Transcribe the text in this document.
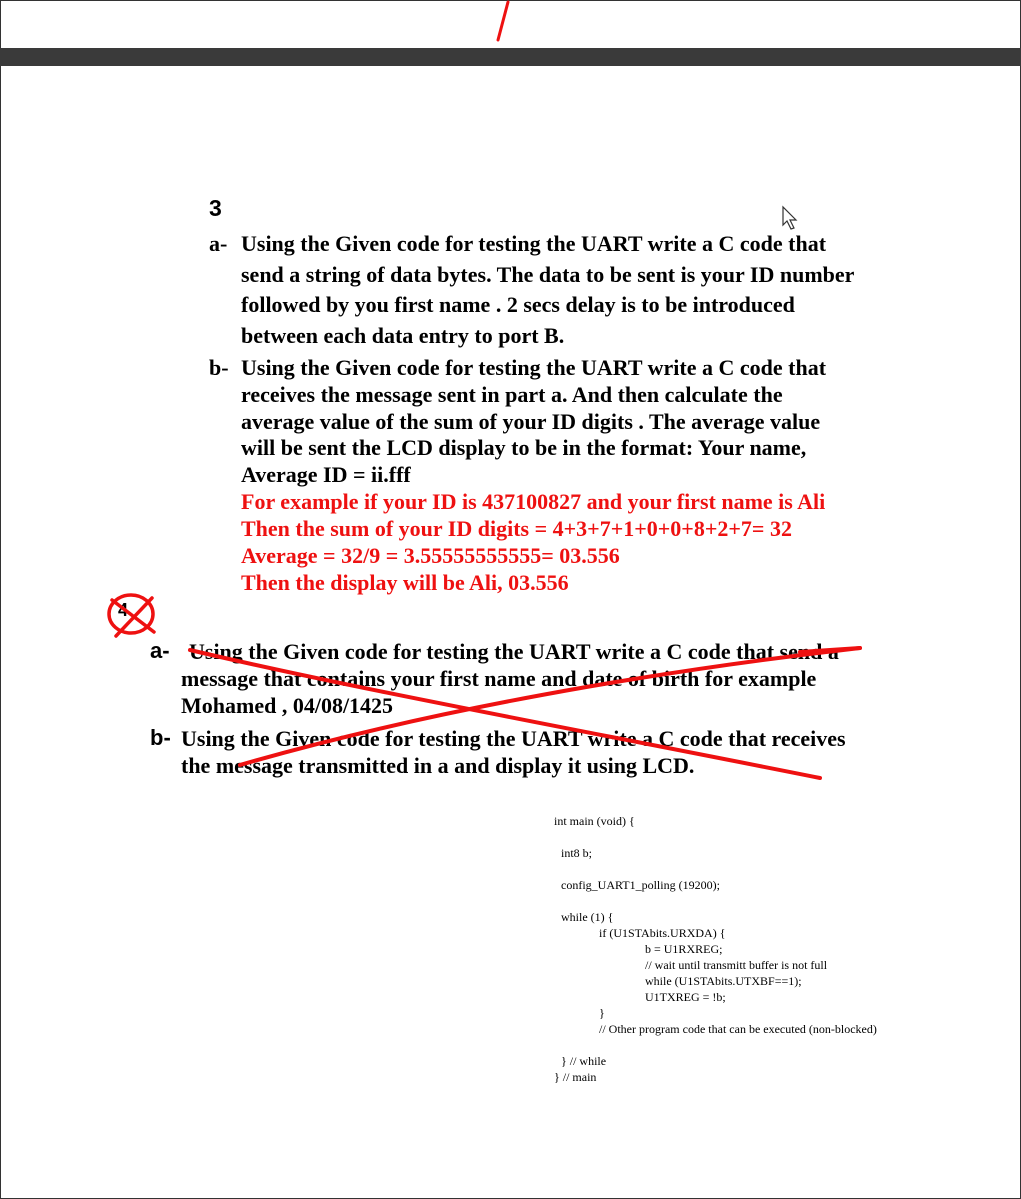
3
a- Using the Given code for testing the UART write a C code that
send a string of data bytes. The data to be sent is your ID number
followed by you first name . 2 secs delay is to be introduced
between each data entry to port B.
b- Using the Given code for testing the UART write a C code that
receives the message sent in part a. And then calculate the
average value of the sum of your ID digits . The average value
will be sent the LCD display to be in the format: Your name,
Average ID = ii.fff
For example if your ID is 437100827 and your first name is Ali
Then the sum of your ID digits = 4+3+7+1+0+0+8+2+7= 32
Average = 32/9 = 3.55555555555= 03.556
Then the display will be Ali, 03.556
4
a- Using the Given code for testing the UART write a C code that send a
message that contains your first name and date of birth for example
Mohamed , 04/08/1425
b- Using the Given code for testing the UART write a C code that receives
the message transmitted in a and display it using LCD.
int main (void) {
int8 b;
config_UART1_polling (19200);
while (1) {
if (U1STAbits.URXDA) {
b = U1RXREG;
// wait until transmitt buffer is not full
while (U1STAbits.UTXBF==1);
U1TXREG = !b;
}
// Other program code that can be executed (non-blocked)
} // while
} // main
